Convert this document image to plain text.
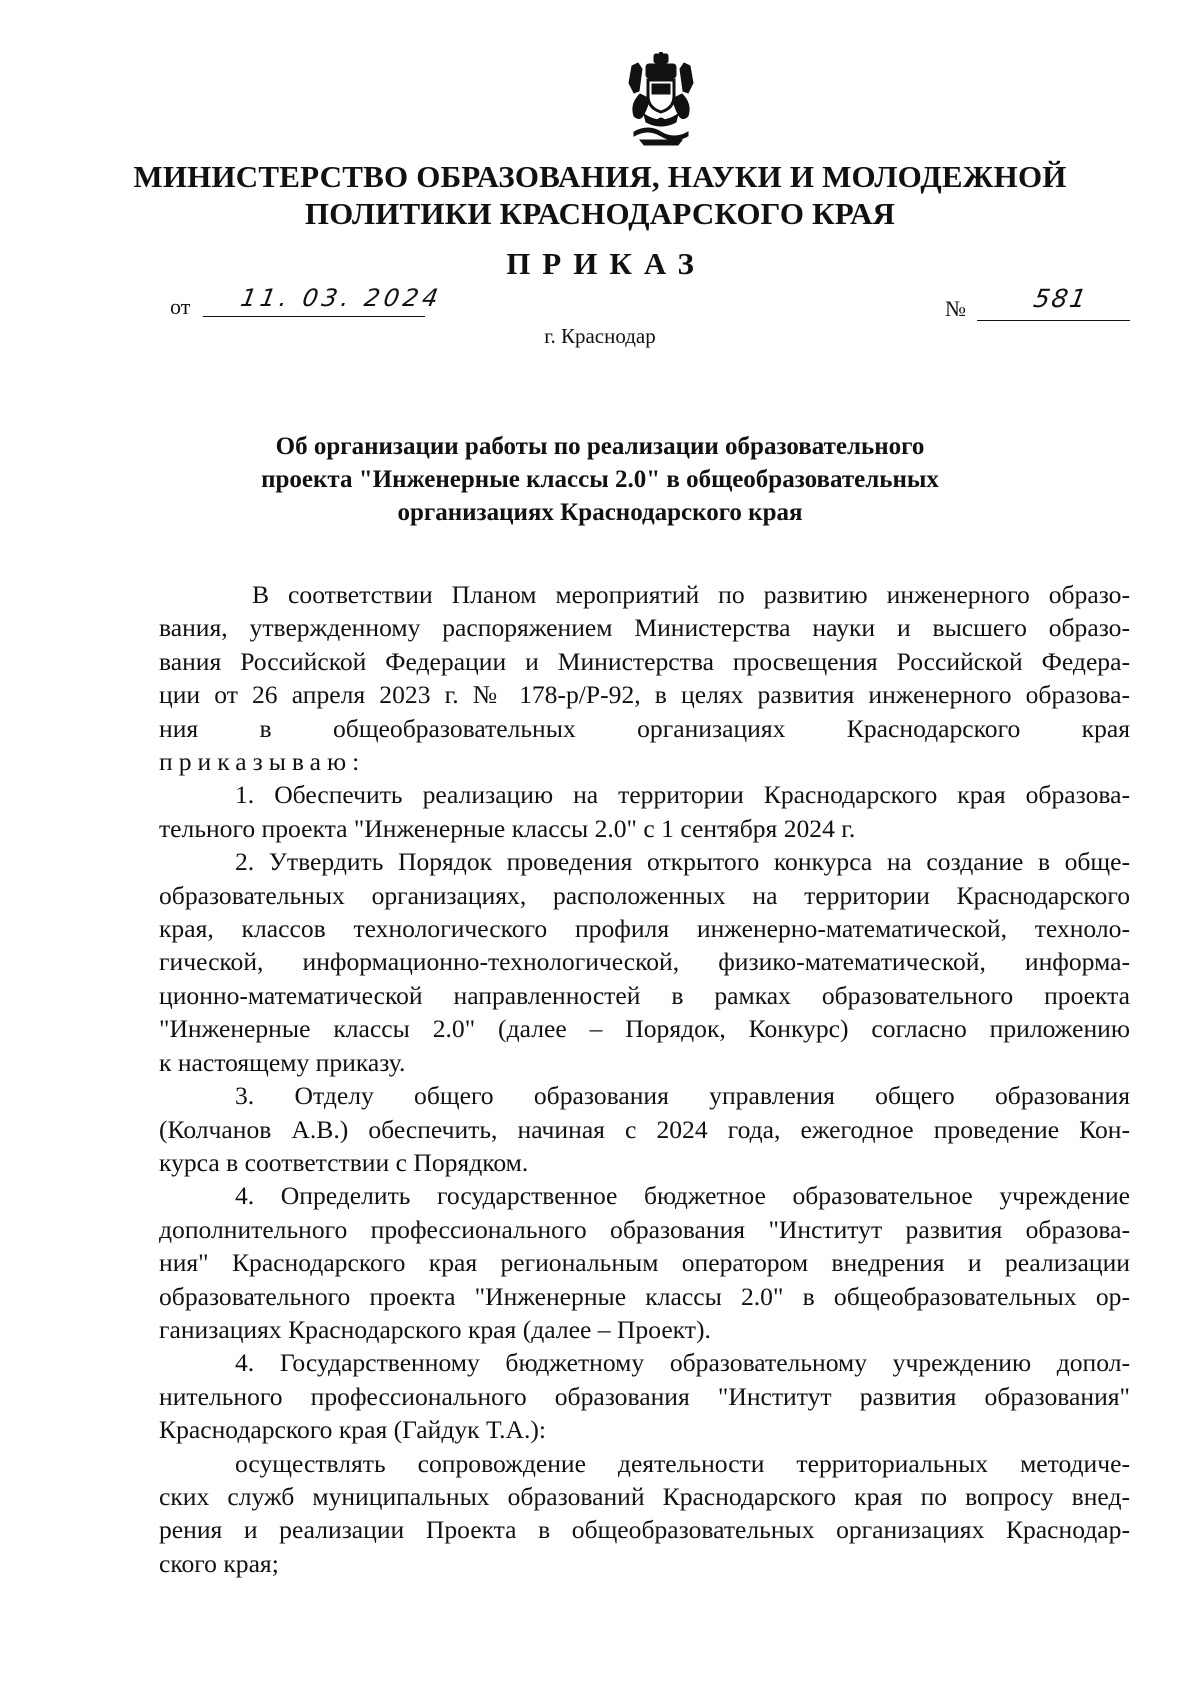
МИНИСТЕРСТВО ОБРАЗОВАНИЯ, НАУКИ И МОЛОДЕЖНОЙ
ПОЛИТИКИ КРАСНОДАРСКОГО КРАЯ
ПРИКАЗ
от 11. 03. 2024	№	581
г. Краснодар
Об организации работы по реализации образовательного
проекта "Инженерные классы 2.0" в общеобразовательных
организациях Краснодарского края
В соответствии Планом мероприятий по развитию инженерного образо-
вания, утвержденному распоряжением Министерства науки и высшего образо-
вания Российской Федерации и Министерства просвещения Российской Федера-
ции от 26 апреля 2023 г. № 178-р/Р-92, в целях развития инженерного образова-
ния в общеобразовательных организациях Краснодарского края
приказываю:
1. Обеспечить реализацию на территории Краснодарского края образова-
тельного проекта "Инженерные классы 2.0" с 1 сентября 2024 г.
2. Утвердить Порядок проведения открытого конкурса на создание в обще-
образовательных организациях, расположенных на территории Краснодарского
края, классов технологического профиля инженерно-математической, техноло-
гической, информационно-технологической, физико-математической, информа-
ционно-математической направленностей в рамках образовательного проекта
"Инженерные классы 2.0" (далее – Порядок, Конкурс) согласно приложению
к настоящему приказу.
3. Отделу общего образования управления общего образования
(Колчанов А.В.) обеспечить, начиная с 2024 года, ежегодное проведение Кон-
курса в соответствии с Порядком.
4. Определить государственное бюджетное образовательное учреждение
дополнительного профессионального образования "Институт развития образова-
ния" Краснодарского края региональным оператором внедрения и реализации
образовательного проекта "Инженерные классы 2.0" в общеобразовательных ор-
ганизациях Краснодарского края (далее – Проект).
4. Государственному бюджетному образовательному учреждению допол-
нительного профессионального образования "Институт развития образования"
Краснодарского края (Гайдук Т.А.):
осуществлять сопровождение деятельности территориальных методиче-
ских служб муниципальных образований Краснодарского края по вопросу внед-
рения и реализации Проекта в общеобразовательных организациях Краснодар-
ского края;
